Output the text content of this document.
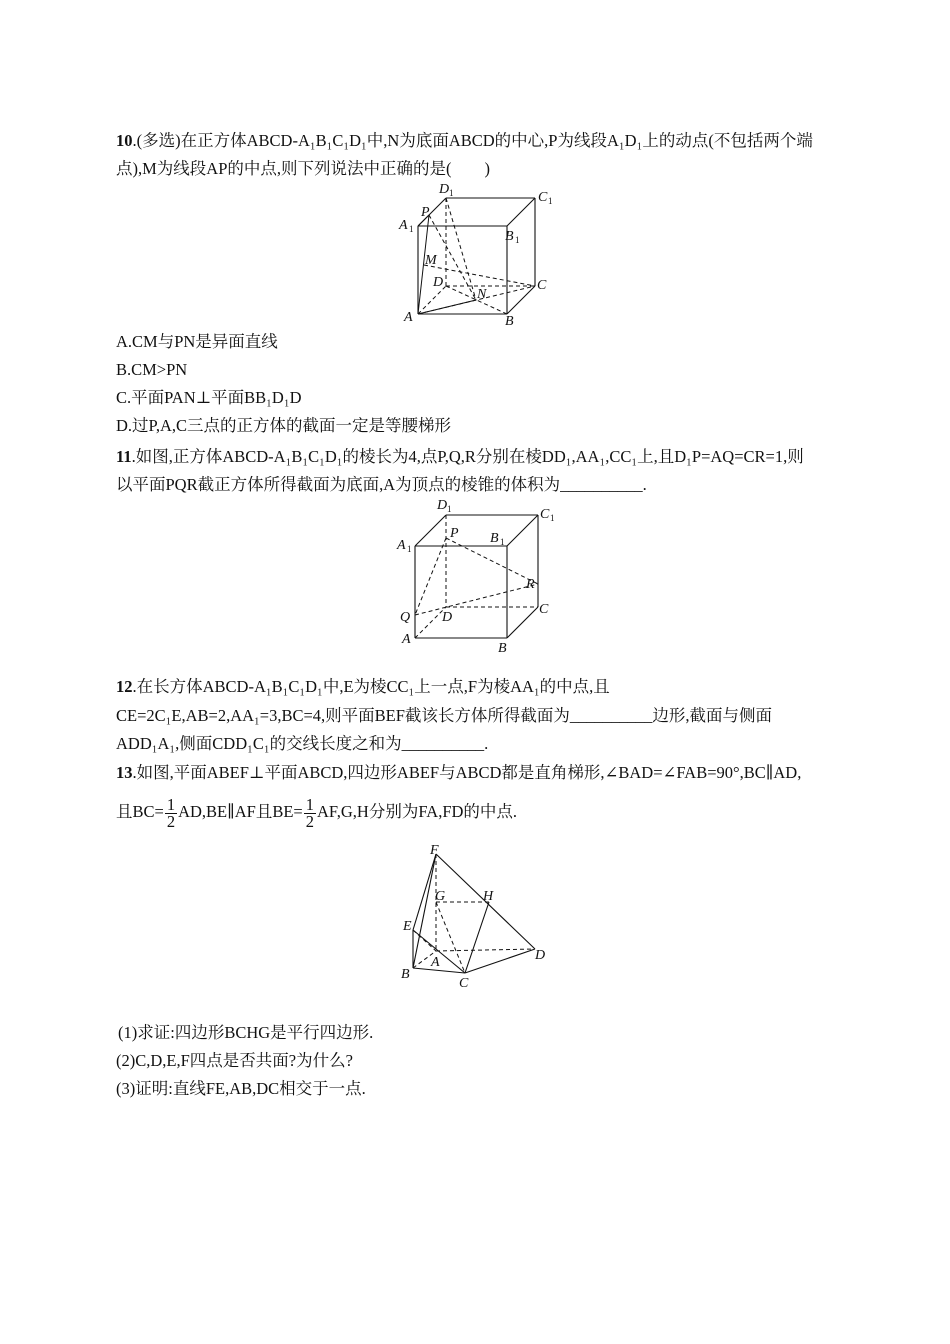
10.(多选)在正方体ABCD-A₁B₁C₁D₁中,N为底面ABCD的中心,P为线段A₁D₁上的动点(不包括两个端
点),M为线段AP的中点,则下列说法中正确的是(　　)
D 1	C 1
A 1
P
B 1
M
D	C
N
A	B
A.CM与PN是异面直线
B.CM>PN
C.平面PAN⊥平面BB₁D₁D
D.过P,A,C三点的正方体的截面一定是等腰梯形
11.如图,正方体ABCD-A₁B₁C₁D₁的棱长为4,点P,Q,R分别在棱DD₁,AA₁,CC₁上,且D₁P=AQ=CR=1,则
以平面PQR截正方体所得截面为底面,A为顶点的棱锥的体积为__________.
D 1	C 1
A 1
P B 1
R
Q D
C
A
B
12.在长方体ABCD-A₁B₁C₁D₁中,E为棱CC₁上一点,F为棱AA₁的中点,且
CE=2C₁E,AB=2,AA₁=3,BC=4,则平面BEF截该长方体所得截面为__________边形,截面与侧面
ADD₁A₁,侧面CDD₁C₁的交线长度之和为__________.
13.如图,平面ABEF⊥平面ABCD,四边形ABEF与ABCD都是直角梯形,∠BAD=∠FAB=90°,BC∥AD,
且$BC= \frac{1}{2}$ AD,BE∥AF且$BE= \frac{1}{2} AF,G,H$分别为FA,FD的中点.
F
G	H
E
A	D
B
C
(1)求证:四边形BCHG是平行四边形.
(2)C,D,E,F四点是否共面?为什么?
(3)证明:直线FE,AB,DC相交于一点.
